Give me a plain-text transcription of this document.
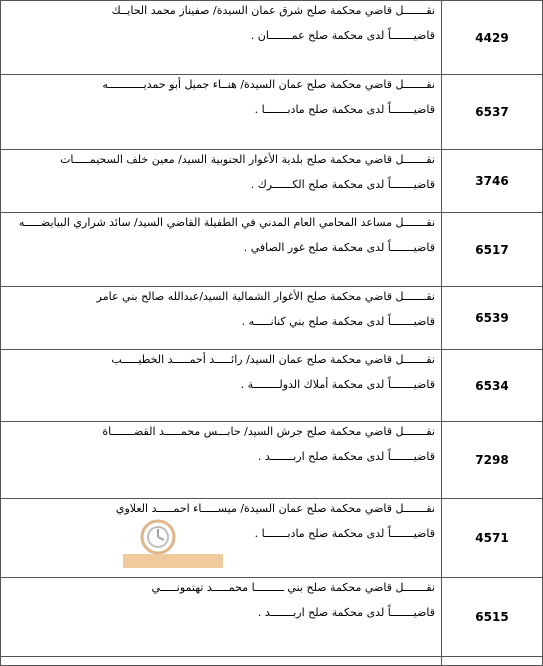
نقـــــــل قاضي محكمة صلح شرق عمان السيدة/ صفيناز محمد الحايــك
قاضيـــــــاً لدى محكمة صلح عمـــــــان .	4429

نقـــــــل قاضي محكمة صلح عمان السيدة/ هنــاء جميل أبو حمديـــــــــــه
قاضيـــــــاً لدى محكمة صلح مادبـــــــا .	6537

نقـــــــل قاضي محكمة صلح بلدية الأغوار الجنوبية السيد/ معين خلف السحيمـــــات
قاضيـــــــاً لدى محكمة صلح الكــــــرك .	3746

نقـــــــل مساعد المحامي العام المدني في الطفيلة القاضي السيد/ سائد شراري البيايضـــــه
قاضيـــــــاً لدى محكمة صلح غور الصافي .	6517

نقـــــــل قاضي محكمة صلح الأغوار الشمالية السيد/عبدالله صالح بني عامر
قاضيـــــــاً لدى محكمة صلح بني كنانـــــه .	6539

نقـــــــل قاضي محكمة صلح عمان السيد/ رائـــــد أحمـــــد الخطيـــــب
قاضيـــــــاً لدى محكمة أملاك الدولــــــــة .	6534

نقـــــــل قاضي محكمة صلح جرش السيد/ حابـــس محمـــــد القضـــــــاة
قاضيـــــــاً لدى محكمة صلح اربـــــــد .	7298

نقـــــــل قاضي محكمة صلح عمان السيدة/ ميســـــاء احمـــــد العلاوي
قاضيـــــــاً لدى محكمة صلح مادبـــــــا .	4571

نقـــــــل قاضي محكمة صلح بني ـــــــــا محمـــــد تهتمونـــــي
قاضيـــــــاً لدى محكمة صلح اربـــــــد .	6515
